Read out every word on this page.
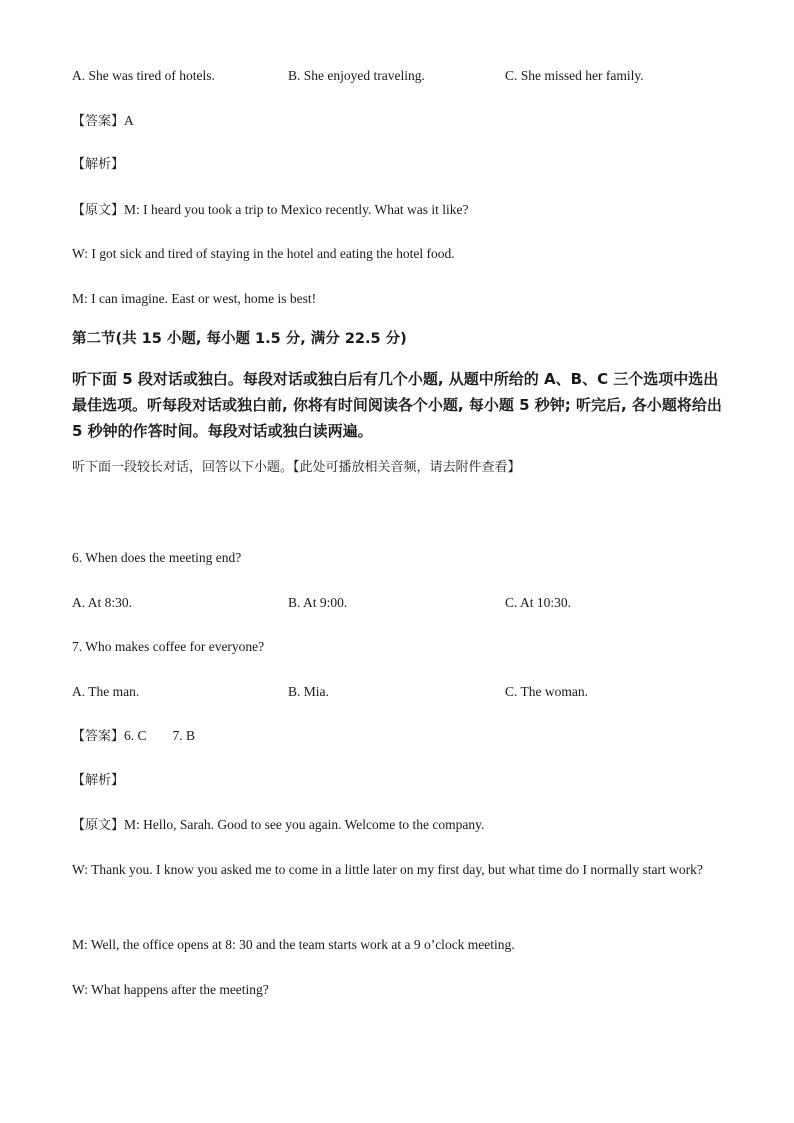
A. She was tired of hotels.	B. She enjoyed traveling.	C. She missed her family.
【答案】A
【解析】
【原文】M: I heard you took a trip to Mexico recently. What was it like?
W: I got sick and tired of staying in the hotel and eating the hotel food.
M: I can imagine. East or west, home is best!
第二节(共 15 小题, 每小题 1.5 分, 满分 22.5 分)
听下面 5 段对话或独白。每段对话或独白后有几个小题, 从题中所给的 A、B、C 三个选项中选出最佳选项。听每段对话或独白前, 你将有时间阅读各个小题, 每小题 5 秒钟; 听完后, 各小题将给出 5 秒钟的作答时间。每段对话或独白读两遍。
听下面一段较长对话，回答以下小题。【此处可播放相关音频，请去附件查看】
6. When does the meeting end?
A. At 8:30.	B. At 9:00.	C. At 10:30.
7. Who makes coffee for everyone?
A. The man.	B. Mia.	C. The woman.
【答案】6. C 7. B
【解析】
【原文】M: Hello, Sarah. Good to see you again. Welcome to the company.
W: Thank you. I know you asked me to come in a little later on my first day, but what time do I normally start work?
M: Well, the office opens at 8: 30 and the team starts work at a 9 o’clock meeting.
W: What happens after the meeting?
